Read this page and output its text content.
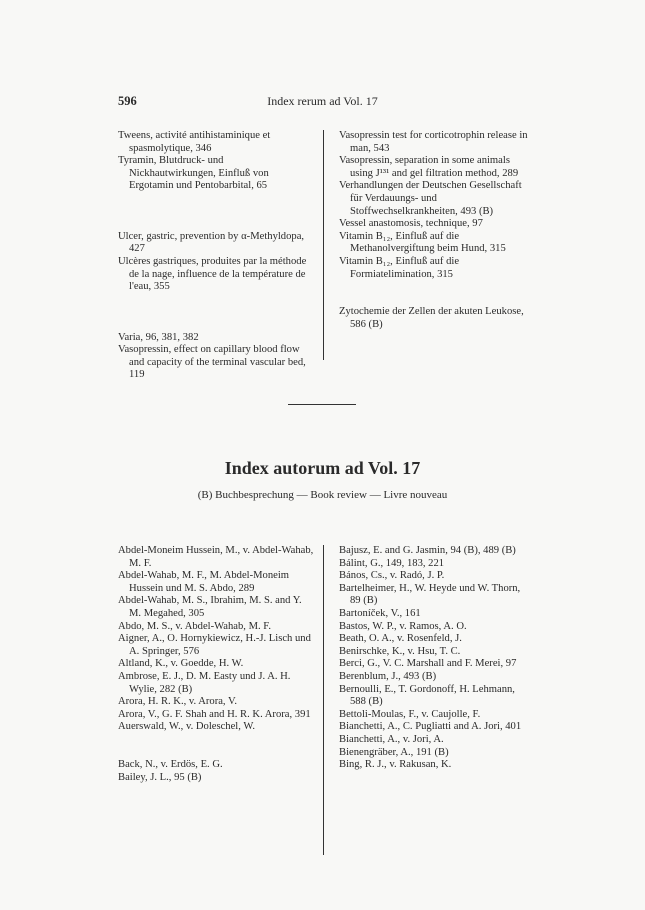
596	Index rerum ad Vol. 17
Tweens, activité antihistaminique et spasmolytique, 346
Tyramin, Blutdruck- und Nickhautwirkungen, Einfluß von Ergotamin und Pentobarbital, 65
Ulcer, gastric, prevention by α-Methyldopa, 427
Ulcères gastriques, produites par la méthode de la nage, influence de la température de l'eau, 355
Varia, 96, 381, 382
Vasopressin, effect on capillary blood flow and capacity of the terminal vascular bed, 119
Vasopressin test for corticotrophin release in man, 543
Vasopressin, separation in some animals using J¹³¹ and gel filtration method, 289
Verhandlungen der Deutschen Gesellschaft für Verdauungs- und Stoffwechselkrankheiten, 493 (B)
Vessel anastomosis, technique, 97
Vitamin B₁₂, Einfluß auf die Methanolvergiftung beim Hund, 315
Vitamin B₁₂, Einfluß auf die Formiatelimination, 315
Zytochemie der Zellen der akuten Leukose, 586 (B)
Index autorum ad Vol. 17
(B) Buchbesprechung — Book review — Livre nouveau
Abdel-Moneim Hussein, M., v. Abdel-Wahab, M. F.
Abdel-Wahab, M. F., M. Abdel-Moneim Hussein und M. S. Abdo, 289
Abdel-Wahab, M. S., Ibrahim, M. S. and Y. M. Megahed, 305
Abdo, M. S., v. Abdel-Wahab, M. F.
Aigner, A., O. Hornykiewicz, H.-J. Lisch und A. Springer, 576
Altland, K., v. Goedde, H. W.
Ambrose, E. J., D. M. Easty und J. A. H. Wylie, 282 (B)
Arora, H. R. K., v. Arora, V.
Arora, V., G. F. Shah and H. R. K. Arora, 391
Auerswald, W., v. Doleschel, W.
Back, N., v. Erdös, E. G.
Bailey, J. L., 95 (B)
Bajusz, E. and G. Jasmin, 94 (B), 489 (B)
Bálint, G., 149, 183, 221
Bános, Cs., v. Radó, J. P.
Bartelheimer, H., W. Heyde und W. Thorn, 89 (B)
Bartoníček, V., 161
Bastos, W. P., v. Ramos, A. O.
Beath, O. A., v. Rosenfeld, J.
Benirschke, K., v. Hsu, T. C.
Berci, G., V. C. Marshall and F. Merei, 97
Berenblum, J., 493 (B)
Bernoulli, E., T. Gordonoff, H. Lehmann, 588 (B)
Bettoli-Moulas, F., v. Caujolle, F.
Bianchetti, A., C. Pugliatti and A. Jori, 401
Bianchetti, A., v. Jori, A.
Bienengräber, A., 191 (B)
Bing, R. J., v. Rakusan, K.
